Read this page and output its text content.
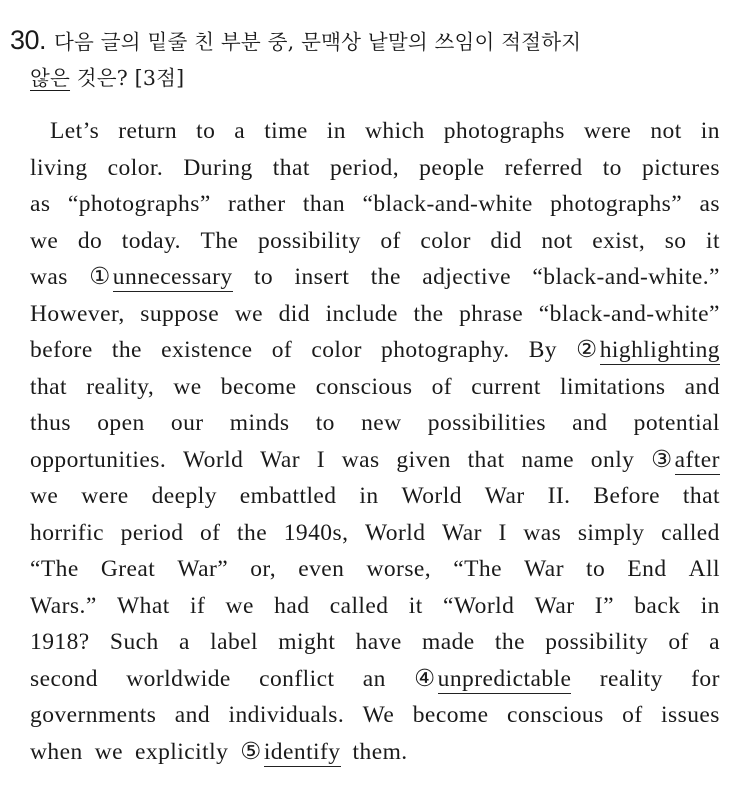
30. 다음 글의 밑줄 친 부분 중, 문맥상 낱말의 쓰임이 적절하지
않은 것은? [3점]
Let’s return to a time in which photographs were not in
living color. During that period, people referred to pictures
as “photographs” rather than “black-and-white photographs” as
we do today. The possibility of color did not exist, so it
was ①unnecessary to insert the adjective “black-and-white.”
However, suppose we did include the phrase “black-and-white”
before the existence of color photography. By ②highlighting
that reality, we become conscious of current limitations and
thus open our minds to new possibilities and potential
opportunities. World War I was given that name only ③after
we were deeply embattled in World War II. Before that
horrific period of the 1940s, World War I was simply called
“The Great War” or, even worse, “The War to End All
Wars.” What if we had called it “World War I” back in
1918? Such a label might have made the possibility of a
second worldwide conflict an ④unpredictable reality for
governments and individuals. We become conscious of issues
when we explicitly ⑤identify them.
